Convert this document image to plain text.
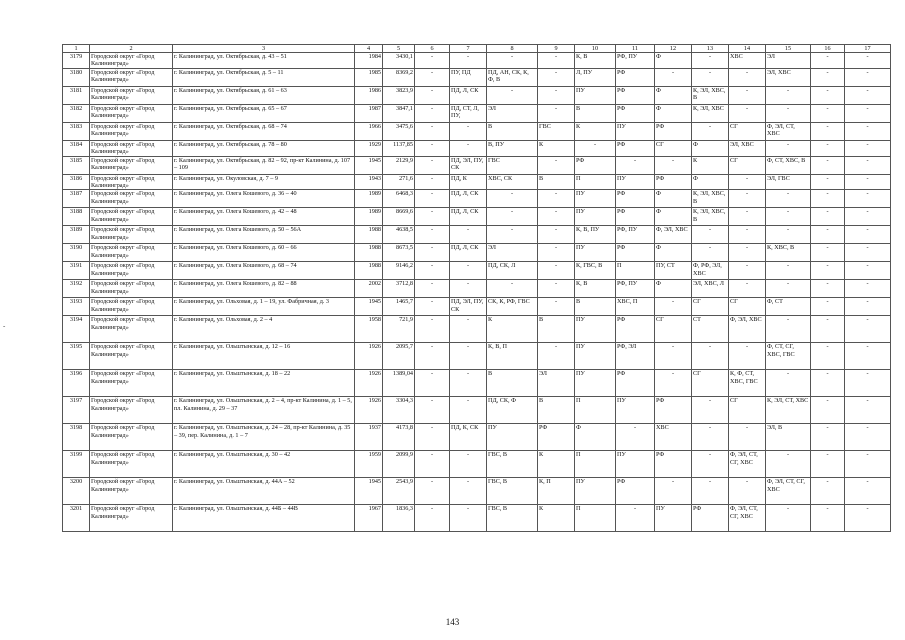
1	2	3	4	5	6	7	8	9	10	11	12	13	14	15	16	17
3179	Городской округ «Город Калининград»	г. Калининград, ул. Октябрьская, д. 43 – 51	1984	3430,1	-	-	-	-	К, В	РФ, ПУ	Ф	-	ХВС	ЭЛ	-	-
3180	Городской округ «Город Калининград»	г. Калининград, ул. Октябрьская, д. 5 – 11	1985	8369,2	-	ПУ, ПД	ПД, АН, СК, К, Ф, В	-	Л, ПУ	РФ	-	-	-	ЭЛ, ХВС	-	-
3181	Городской округ «Город Калининград»	г. Калининград, ул. Октябрьская, д. 61 – 63	1986	3823,9	-	ПД, Л, СК	-	-	ПУ	РФ	Ф	К, ЭЛ, ХВС, В	-	-	-	-
3182	Городской округ «Город Калининград»	г. Калининград, ул. Октябрьская, д. 65 – 67	1987	3847,1	-	ПД, СТ, Л, ПУ,	ЭЛ	-	В	РФ	Ф	К, ЭЛ, ХВС	-	-	-	-
3183	Городской округ «Город Калининград»	г. Калининград, ул. Октябрьская, д. 68 – 74	1966	3475,6	-	-	В	ГВС	К	ПУ	РФ	-	СГ	Ф, ЭЛ, СТ, ХВС	-	-
3184	Городской округ «Город Калининград»	г. Калининград, ул. Октябрьская, д. 78 – 80	1929	1137,85	-	-	В, ПУ	К	-	РФ	СГ	Ф	ЭЛ, ХВС	-	-	-
3185	Городской округ «Город Калининград»	г. Калининград, ул. Октябрьская, д. 82 – 92, пр-кт Калинина, д. 107 – 109	1945	2129,9	-	ПД, ЭЛ, ПУ, СК	ГВС	-	РФ	-	-	К	СГ	Ф, СТ, ХВС, В	-	-
3186	Городской округ «Город Калининград»	г. Калининград, ул. Окуловская, д. 7 – 9	1943	271,6	-	ПД, К	ХВС, СК	В	П	ПУ	РФ	Ф	-	ЭЛ, ГВС	-	-
3187	Городской округ «Город Калининград»	г. Калининград, ул. Олега Кошевого, д. 36 – 40	1989	6468,3	-	ПД, Л, СК	-	-	ПУ	РФ	Ф	К, ЭЛ, ХВС, В	-	-	-	-
3188	Городской округ «Город Калининград»	г. Калининград, ул. Олега Кошевого, д. 42 – 48	1989	8669,6	-	ПД, Л, СК	-	-	ПУ	РФ	Ф	К, ЭЛ, ХВС, В	-	-	-	-
3189	Городской округ «Город Калининград»	г. Калининград, ул. Олега Кошевого, д. 50 – 56А	1988	4638,5	-	-	-	-	К, В, ПУ	РФ, ПУ	Ф, ЭЛ, ХВС	-	-	-	-	-
3190	Городской округ «Город Калининград»	г. Калининград, ул. Олега Кошевого, д. 60 – 66	1988	8673,5	-	ПД, Л, СК	ЭЛ	-	ПУ	РФ	Ф	-	-	К, ХВС, В	-	-
3191	Городской округ «Город Калининград»	г. Калининград, ул. Олега Кошевого, д. 68 – 74	1988	9146,2	-	-	ПД, СК, Л	-	К, ГВС, В	П	ПУ, СТ	Ф, РФ, ЭЛ, ХВС	-	-	-	-
3192	Городской округ «Город Калининград»	г. Калининград, ул. Олега Кошевого, д. 82 – 88	2002	3712,8	-	-	-	-	К, В	РФ, ПУ	Ф	ЭЛ, ХВС, Л	-	-	-	-
3193	Городской округ «Город Калининград»	г. Калининград, ул. Ольховая, д. 1 – 19, ул. Фабричная, д. 3	1945	1465,7	-	ПД, ЭЛ, ПУ, СК	СК, К, РФ, ГВС	-	В	ХВС, П	-	СГ	СГ	Ф, СТ	-	-
3194	Городской округ «Город Калининград»	г. Калининград, ул. Ольховая, д. 2 – 4	1958	721,9	-	-	К	В	ПУ	РФ	СГ	СТ	Ф, ЭЛ, ХВС	-	-	-
3195	Городской округ «Город Калининград»	г. Калининград, ул. Ольштынская, д. 12 – 16	1926	2095,7	-	-	К, В, П	-	ПУ	РФ, ЭЛ	-	-	-	Ф, СТ, СГ, ХВС, ГВС	-	-
3196	Городской округ «Город Калининград»	г. Калининград, ул. Ольштынская, д. 18 – 22	1926	1389,04	-	-	В	ЭЛ	ПУ	РФ	-	СГ	К, Ф, СТ, ХВС, ГВС	-	-	-
3197	Городской округ «Город Калининград»	г. Калининград, ул. Ольштынская, д. 2 – 4, пр-кт Калинина, д. 1 – 5, пл. Калинина, д. 29 – 37	1926	3304,3	-	-	ПД, СК, Ф	В	П	ПУ	РФ	-	СГ	К, ЭЛ, СТ, ХВС	-	-
3198	Городской округ «Город Калининград»	г. Калининград, ул. Ольштынская, д. 24 – 28, пр-кт Калинина, д. 35 – 39, пер. Калинина, д. 1 – 7	1937	4173,8	-	ПД, К, СК	ПУ	РФ	Ф	-	ХВС	-	-	ЭЛ, В	-	-
3199	Городской округ «Город Калининград»	г. Калининград, ул. Ольштынская, д. 30 – 42	1959	2099,9	-	-	ГВС, В	К	П	ПУ	РФ	-	Ф, ЭЛ, СТ, СГ, ХВС	-	-	-
3200	Городской округ «Город Калининград»	г. Калининград, ул. Ольштынская, д. 44А – 52	1945	2543,9	-	-	ГВС, В	К, П	ПУ	РФ	-	-	-	Ф, ЭЛ, СТ, СГ, ХВС	-	-
3201	Городской округ «Город Калининград»	г. Калининград, ул. Ольштынская, д. 44Б – 44В	1967	1836,3	-	-	ГВС, В	К	П	-	ПУ	РФ	Ф, ЭЛ, СТ, СГ, ХВС	-	-	-
-
143
